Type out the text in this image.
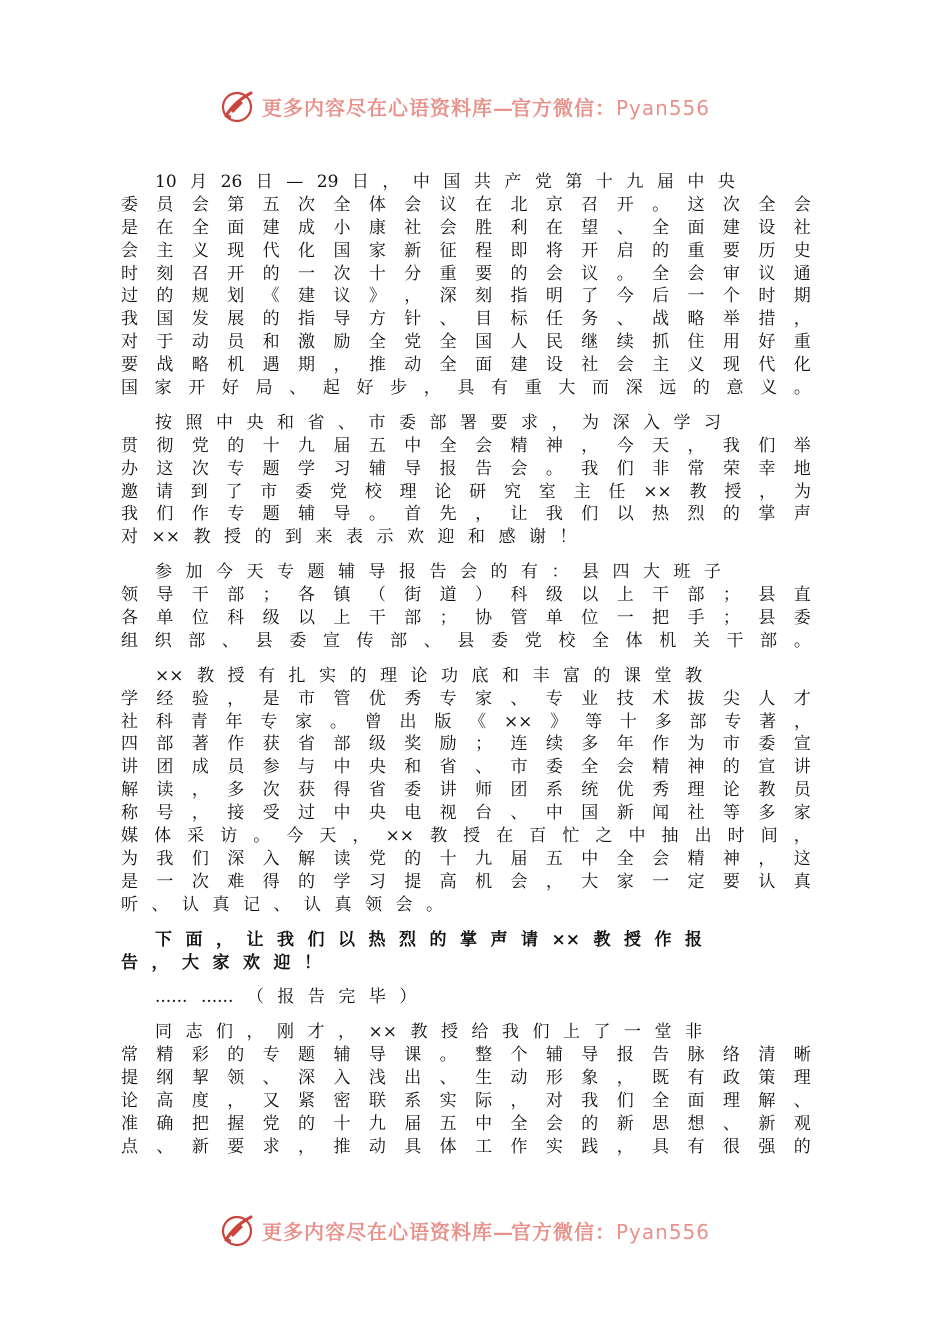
更多内容尽在心语资料库—官方微信：Pyan556
　　10 月 26 日 — 29 日 ， 中 国 共 产 党 第 十 九 届 中 央
委 员 会 第 五 次 全 体 会 议 在 北 京 召 开 。 这 次 全 会
是 在 全 面 建 成 小 康 社 会 胜 利 在 望 、 全 面 建 设 社
会 主 义 现 代 化 国 家 新 征 程 即 将 开 启 的 重 要 历 史
时 刻 召 开 的 一 次 十 分 重 要 的 会 议 。 全 会 审 议 通
过 的 规 划 《 建 议 》 ， 深 刻 指 明 了 今 后 一 个 时 期
我 国 发 展 的 指 导 方 针 、 目 标 任 务 、 战 略 举 措 ，
对 于 动 员 和 激 励 全 党 全 国 人 民 继 续 抓 住 用 好 重
要 战 略 机 遇 期 ， 推 动 全 面 建 设 社 会 主 义 现 代 化
国 家 开 好 局 、 起 好 步 ， 具 有 重 大 而 深 远 的 意 义 。
　　按 照 中 央 和 省 、 市 委 部 署 要 求 ， 为 深 入 学 习
贯 彻 党 的 十 九 届 五 中 全 会 精 神 ， 今 天 ， 我 们 举
办 这 次 专 题 学 习 辅 导 报 告 会 。 我 们 非 常 荣 幸 地
邀 请 到 了 市 委 党 校 理 论 研 究 室 主 任 ×× 教 授 ， 为
我 们 作 专 题 辅 导 。 首 先 ， 让 我 们 以 热 烈 的 掌 声
对 ×× 教 授 的 到 来 表 示 欢 迎 和 感 谢 ！
　　参 加 今 天 专 题 辅 导 报 告 会 的 有 ： 县 四 大 班 子
领 导 干 部 ； 各 镇 （ 街 道 ） 科 级 以 上 干 部 ； 县 直
各 单 位 科 级 以 上 干 部 ； 协 管 单 位 一 把 手 ； 县 委
组 织 部 、 县 委 宣 传 部 、 县 委 党 校 全 体 机 关 干 部 。
　　×× 教 授 有 扎 实 的 理 论 功 底 和 丰 富 的 课 堂 教
学 经 验 ， 是 市 管 优 秀 专 家 、 专 业 技 术 拔 尖 人 才
社 科 青 年 专 家 。 曾 出 版 《 ×× 》 等 十 多 部 专 著 ，
四 部 著 作 获 省 部 级 奖 励 ； 连 续 多 年 作 为 市 委 宣
讲 团 成 员 参 与 中 央 和 省 、 市 委 全 会 精 神 的 宣 讲
解 读 ， 多 次 获 得 省 委 讲 师 团 系 统 优 秀 理 论 教 员
称 号 ， 接 受 过 中 央 电 视 台 、 中 国 新 闻 社 等 多 家
媒 体 采 访 。 今 天 ， ×× 教 授 在 百 忙 之 中 抽 出 时 间 ，
为 我 们 深 入 解 读 党 的 十 九 届 五 中 全 会 精 神 ， 这
是 一 次 难 得 的 学 习 提 高 机 会 ， 大 家 一 定 要 认 真
听 、 认 真 记 、 认 真 领 会 。
　　下 面 ， 让 我 们 以 热 烈 的 掌 声 请 ×× 教 授 作 报
告 ， 大 家 欢 迎 ！
　　...... ...... （ 报 告 完 毕 ）
　　同 志 们 ， 刚 才 ， ×× 教 授 给 我 们 上 了 一 堂 非
常 精 彩 的 专 题 辅 导 课 。 整 个 辅 导 报 告 脉 络 清 晰
提 纲 挈 领 、 深 入 浅 出 、 生 动 形 象 ， 既 有 政 策 理
论 高 度 ， 又 紧 密 联 系 实 际 ， 对 我 们 全 面 理 解 、
准 确 把 握 党 的 十 九 届 五 中 全 会 的 新 思 想 、 新 观
点 、 新 要 求 ， 推 动 具 体 工 作 实 践 ， 具 有 很 强 的
更多内容尽在心语资料库—官方微信：Pyan556
